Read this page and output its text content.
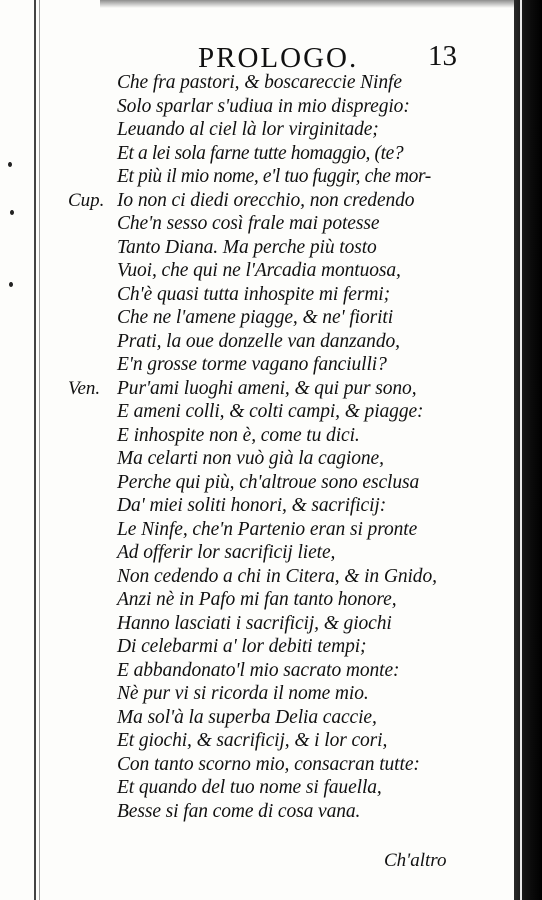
PROLOGO. 13
Che fra pastori, & boscareccie Ninfe
Solo sparlar s'udiua in mio dispregio:
Leuando al ciel là lor virginitade;
Et a lei sola farne tutte homaggio, (te?
Et più il mio nome, e'l tuo fuggir, che mor-
Cup. Io non ci diedi orecchio, non credendo
Che'n sesso così frale mai potesse
Tanto Diana. Ma perche più tosto
Vuoi, che qui ne l'Arcadia montuosa,
Ch'è quasi tutta inhospite mi fermi;
Che ne l'amene piagge, & ne' fioriti
Prati, la oue donzelle van danzando,
E'n grosse torme vagano fanciulli?
Ven. Pur'ami luoghi ameni, & qui pur sono,
E ameni colli, & colti campi, & piagge:
E inhospite non è, come tu dici.
Ma celarti non vuò già la cagione,
Perche qui più, ch'altroue sono esclusa
Da' miei soliti honori, & sacrificij:
Le Ninfe, che'n Partenio eran si pronte
Ad offerir lor sacrificij liete,
Non cedendo a chi in Citera, & in Gnido,
Anzi nè in Pafo mi fan tanto honore,
Hanno lasciati i sacrificij, & giochi
Di celebarmi a' lor debiti tempi;
E abbandonato'l mio sacrato monte:
Nè pur vi si ricorda il nome mio.
Ma sol'à la superba Delia caccie,
Et giochi, & sacrificij, & i lor cori,
Con tanto scorno mio, consacran tutte:
Et quando del tuo nome si fauella,
Besse si fan come di cosa vana.
Ch'altro
